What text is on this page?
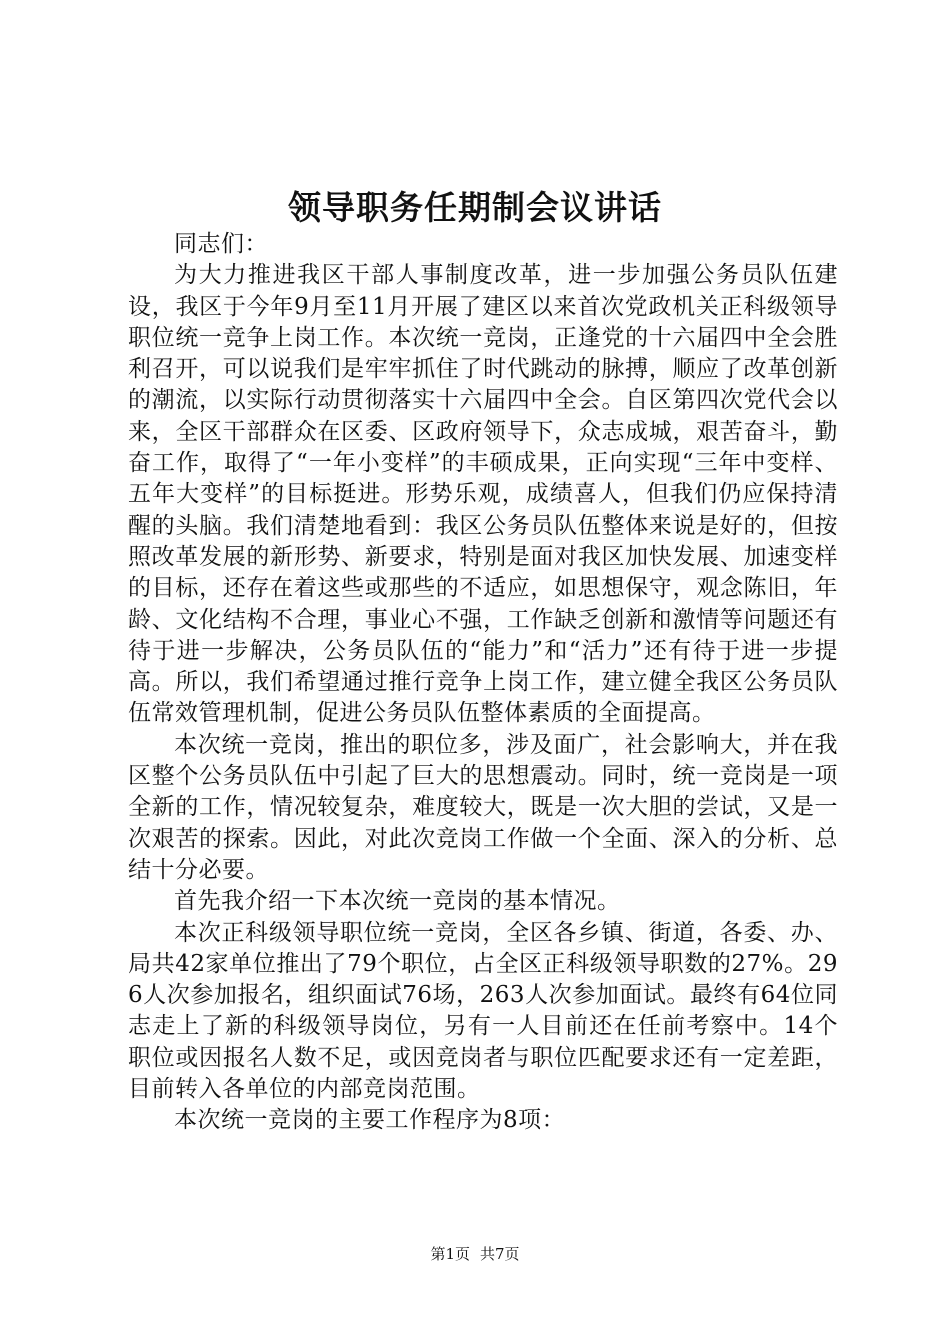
领导职务任期制会议讲话

同志们：

为大力推进我区干部人事制度改革，进一步加强公务员队伍建设，我区于今年9月至11月开展了建区以来首次党政机关正科级领导职位统一竞争上岗工作。本次统一竞岗，正逢党的十六届四中全会胜利召开，可以说我们是牢牢抓住了时代跳动的脉搏，顺应了改革创新的潮流，以实际行动贯彻落实十六届四中全会。自区第四次党代会以来，全区干部群众在区委、区政府领导下，众志成城，艰苦奋斗，勤奋工作，取得了“一年小变样”的丰硕成果，正向实现“三年中变样、五年大变样”的目标挺进。形势乐观，成绩喜人，但我们仍应保持清醒的头脑。我们清楚地看到：我区公务员队伍整体来说是好的，但按照改革发展的新形势、新要求，特别是面对我区加快发展、加速变样的目标，还存在着这些或那些的不适应，如思想保守，观念陈旧，年龄、文化结构不合理，事业心不强，工作缺乏创新和激情等问题还有待于进一步解决，公务员队伍的“能力”和“活力”还有待于进一步提高。所以，我们希望通过推行竞争上岗工作，建立健全我区公务员队伍常效管理机制，促进公务员队伍整体素质的全面提高。

本次统一竞岗，推出的职位多，涉及面广，社会影响大，并在我区整个公务员队伍中引起了巨大的思想震动。同时，统一竞岗是一项全新的工作，情况较复杂，难度较大，既是一次大胆的尝试，又是一次艰苦的探索。因此，对此次竞岗工作做一个全面、深入的分析、总结十分必要。

首先我介绍一下本次统一竞岗的基本情况。

本次正科级领导职位统一竞岗，全区各乡镇、街道，各委、办、局共42家单位推出了79个职位，占全区正科级领导职数的27%。296人次参加报名，组织面试76场，263人次参加面试。最终有64位同志走上了新的科级领导岗位，另有一人目前还在任前考察中。14个职位或因报名人数不足，或因竞岗者与职位匹配要求还有一定差距，目前转入各单位的内部竞岗范围。

本次统一竞岗的主要工作程序为8项：

第1页 共7页
